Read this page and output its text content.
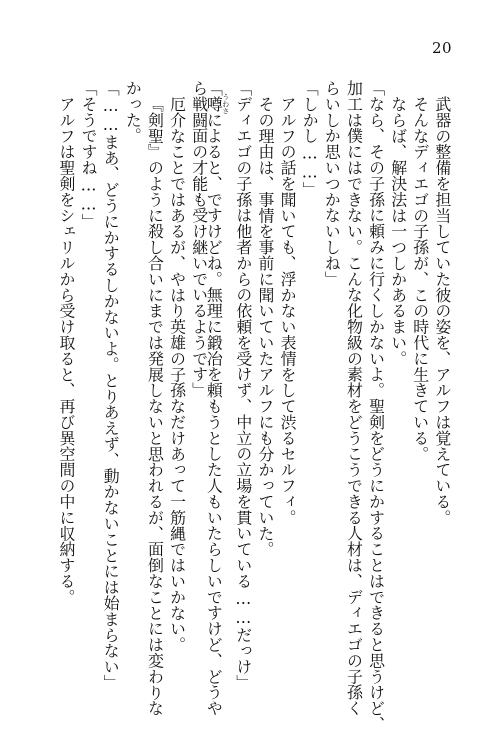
20
武器の整備を担当していた彼の姿を、アルフは覚えている。
そんなディエゴの子孫が、この時代に生きている。
ならば、解決法は一つしかあるまい。
「なら、その子孫に頼みに行くしかないよ。聖剣をどうにかすることはできると思うけど、
加工は僕にはできない。こんな化物級の素材をどうこうできる人材は、ディエゴの子孫く
らいしか思いつかないしね」
「しかし……」
アルフの話を聞いても、浮かない表情をして渋るセルフィ。
その理由は、事情を事前に聞いていたアルフにも分かっていた。
「ディエゴの子孫は他者からの依頼を受けず、中立の立場を貫いている……だっけ」
「噂うわさによると、ですけどね。無理に鍛冶を頼もうとした人もいたらしいですけど、どうや
ら戦闘面の才能も受け継いでいるようです」
厄介なことではあるが、やはり英雄の子孫なだけあって一筋縄ではいかない。
『剣聖』のように殺し合いにまでは発展しないと思われるが、面倒なことには変わりな
かった。
「……まあ、どうにかするしかないよ。とりあえず、動かないことには始まらない」
「そうですね……」
アルフは聖剣をシェリルから受け取ると、再び異空間の中に収納する。
